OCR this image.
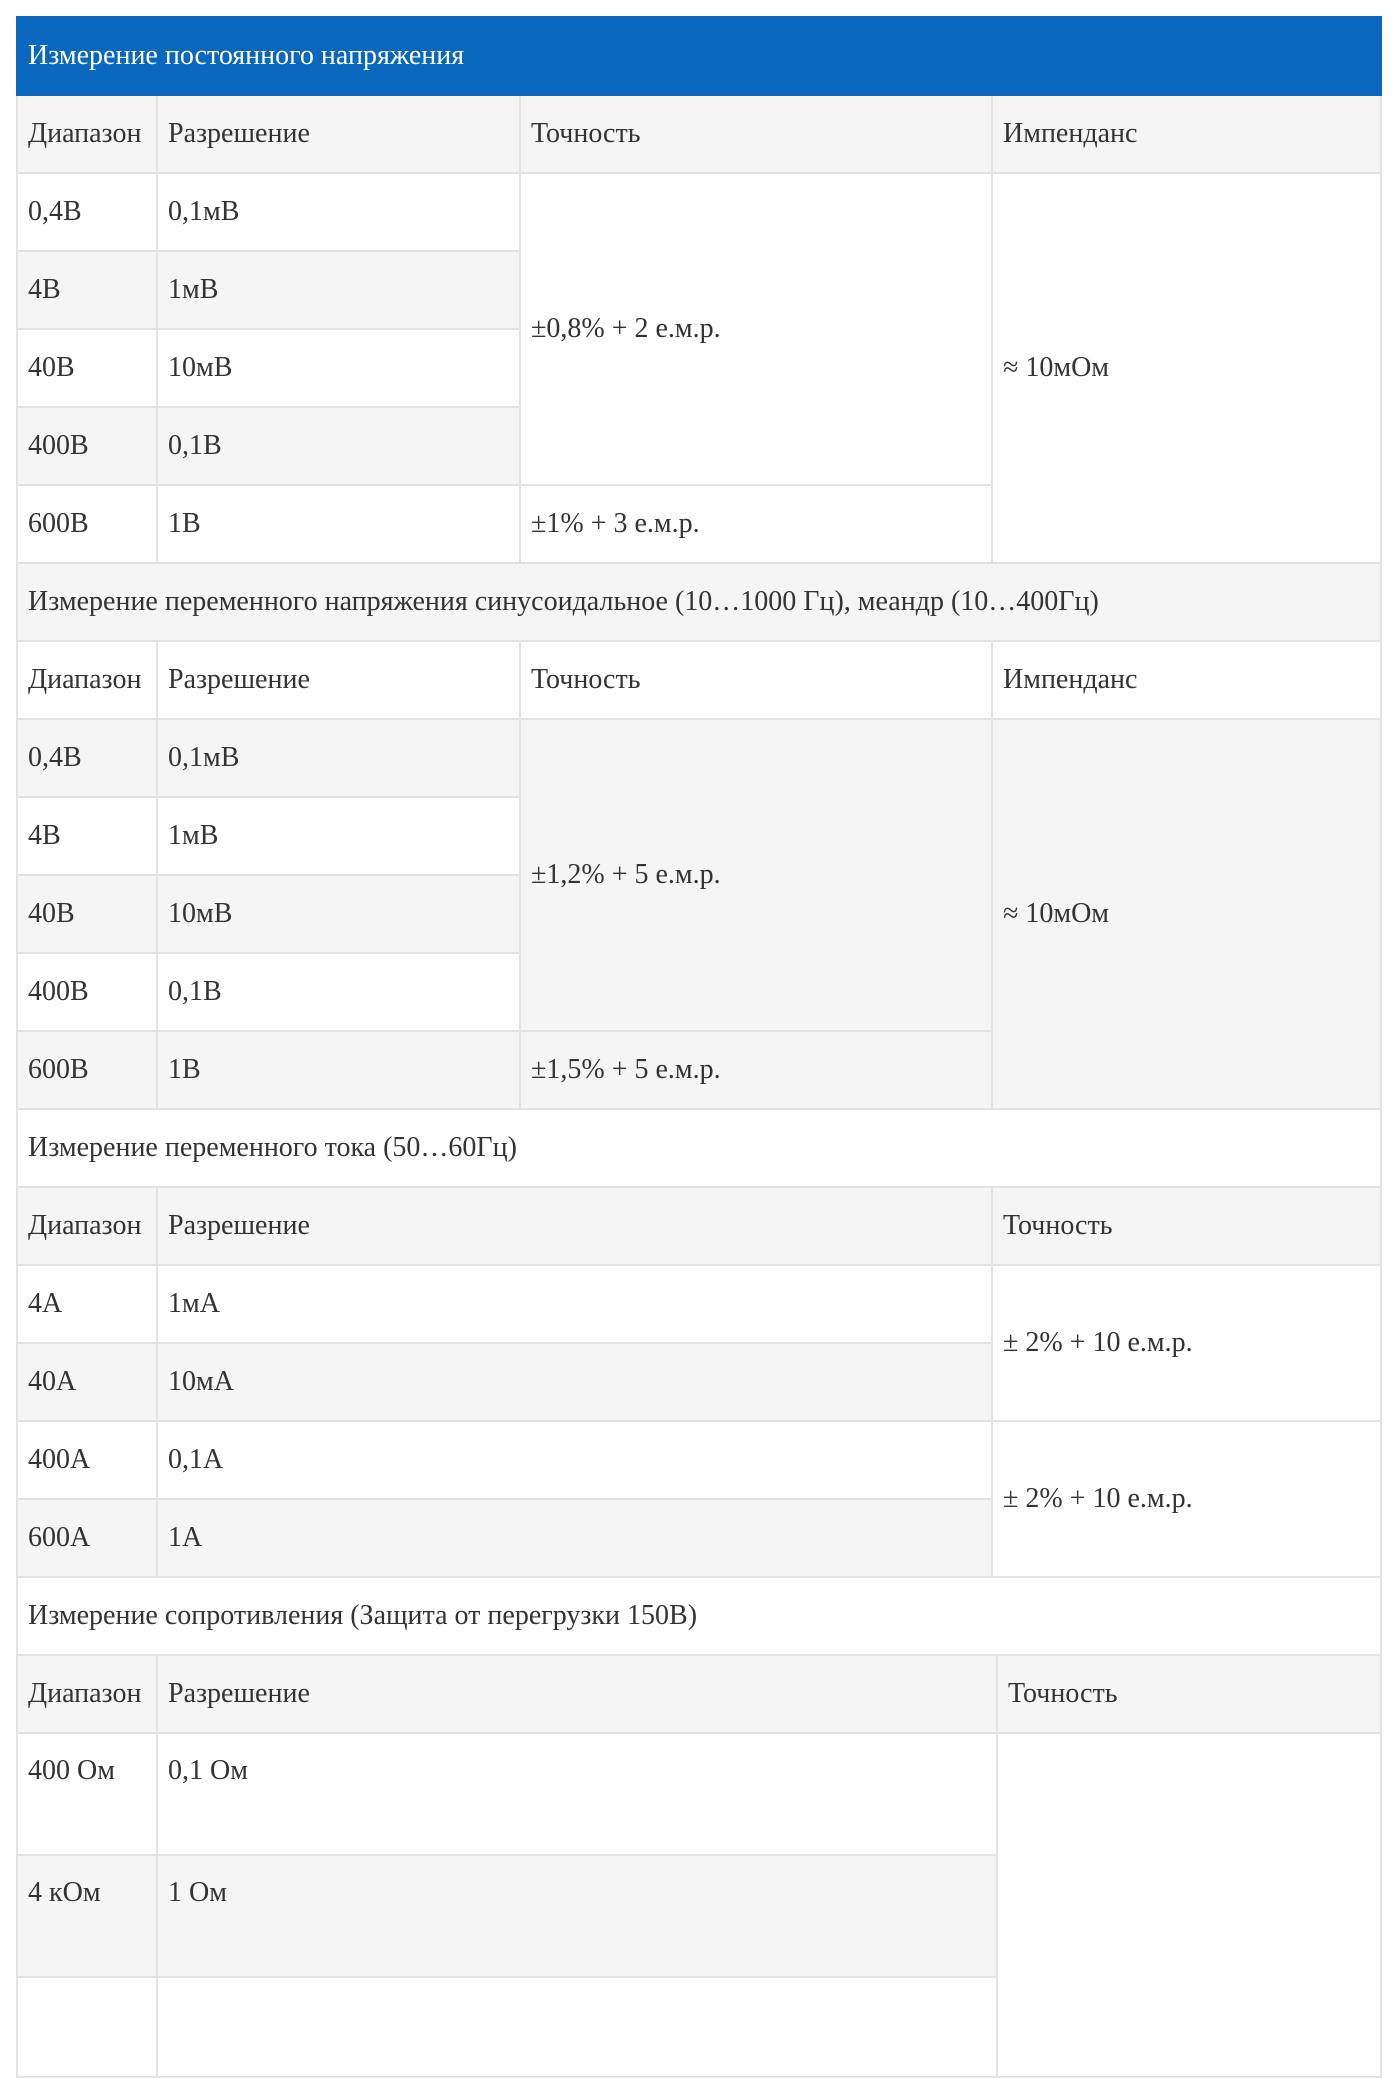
Измерение постоянного напряжения				
Диапазон	Разрешение	Точность	Импенданс	
0,4В	0,1мВ	±0,8% + 2 е.м.р.	≈ 10мОм	
4В	1мВ			
40В	10мВ			
400В	0,1В			
600В	1В	±1% + 3 е.м.р.		
Измерение переменного напряжения синусоидальное (10…1000 Гц), меандр (10…400Гц)				
Диапазон	Разрешение	Точность	Импенданс	
0,4В	0,1мВ	±1,2% + 5 е.м.р.	≈ 10мОм	
4В	1мВ			
40В	10мВ			
400В	0,1В			
600В	1В	±1,5% + 5 е.м.р.		
Измерение переменного тока (50…60Гц)				
Диапазон	Разрешение		Точность	
4А	1мА		± 2% + 10 е.м.р.	
40А	10мА			
400А	0,1А		± 2% + 10 е.м.р.	
600А	1А			
Измерение сопротивления (Защита от перегрузки 150В)				
Диапазон	Разрешение			Точность
400 Ом	0,1 Ом			
4 кОм	1 Ом			
